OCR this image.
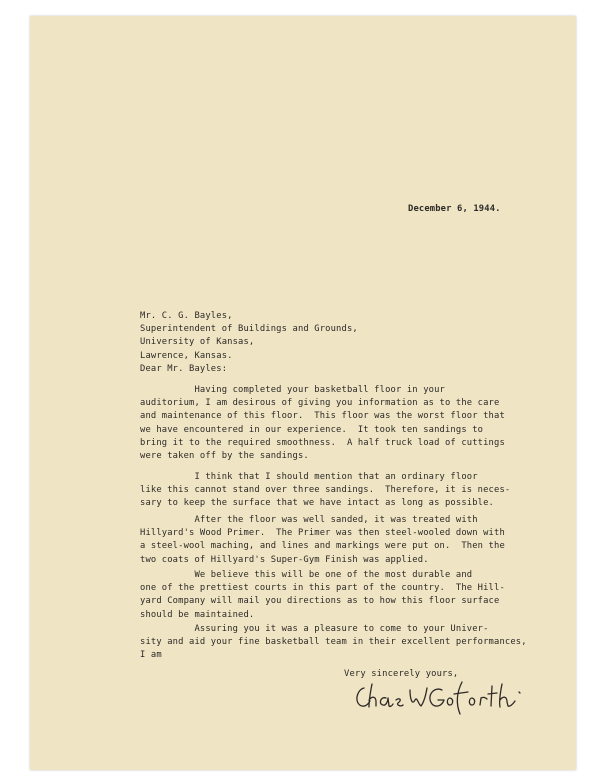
December 6, 1944.

Mr. C. G. Bayles,
Superintendent of Buildings and Grounds,
University of Kansas,
Lawrence, Kansas.

Dear Mr. Bayles:

Having completed your basketball floor in your
auditorium, I am desirous of giving you information as to the care
and maintenance of this floor.  This floor was the worst floor that
we have encountered in our experience.  It took ten sandings to
bring it to the required smoothness.  A half truck load of cuttings
were taken off by the sandings.
I think that I should mention that an ordinary floor
like this cannot stand over three sandings.  Therefore, it is neces-
sary to keep the surface that we have intact as long as possible.
After the floor was well sanded, it was treated with
Hillyard's Wood Primer.  The Primer was then steel-wooled down with
a steel-wool maching, and lines and markings were put on.  Then the
two coats of Hillyard's Super-Gym Finish was applied.
We believe this will be one of the most durable and
one of the prettiest courts in this part of the country.  The Hill-
yard Company will mail you directions as to how this floor surface
should be maintained.
Assuring you it was a pleasure to come to your Univer-
sity and aid your fine basketball team in their excellent performances,
I am

Very sincerely yours,
